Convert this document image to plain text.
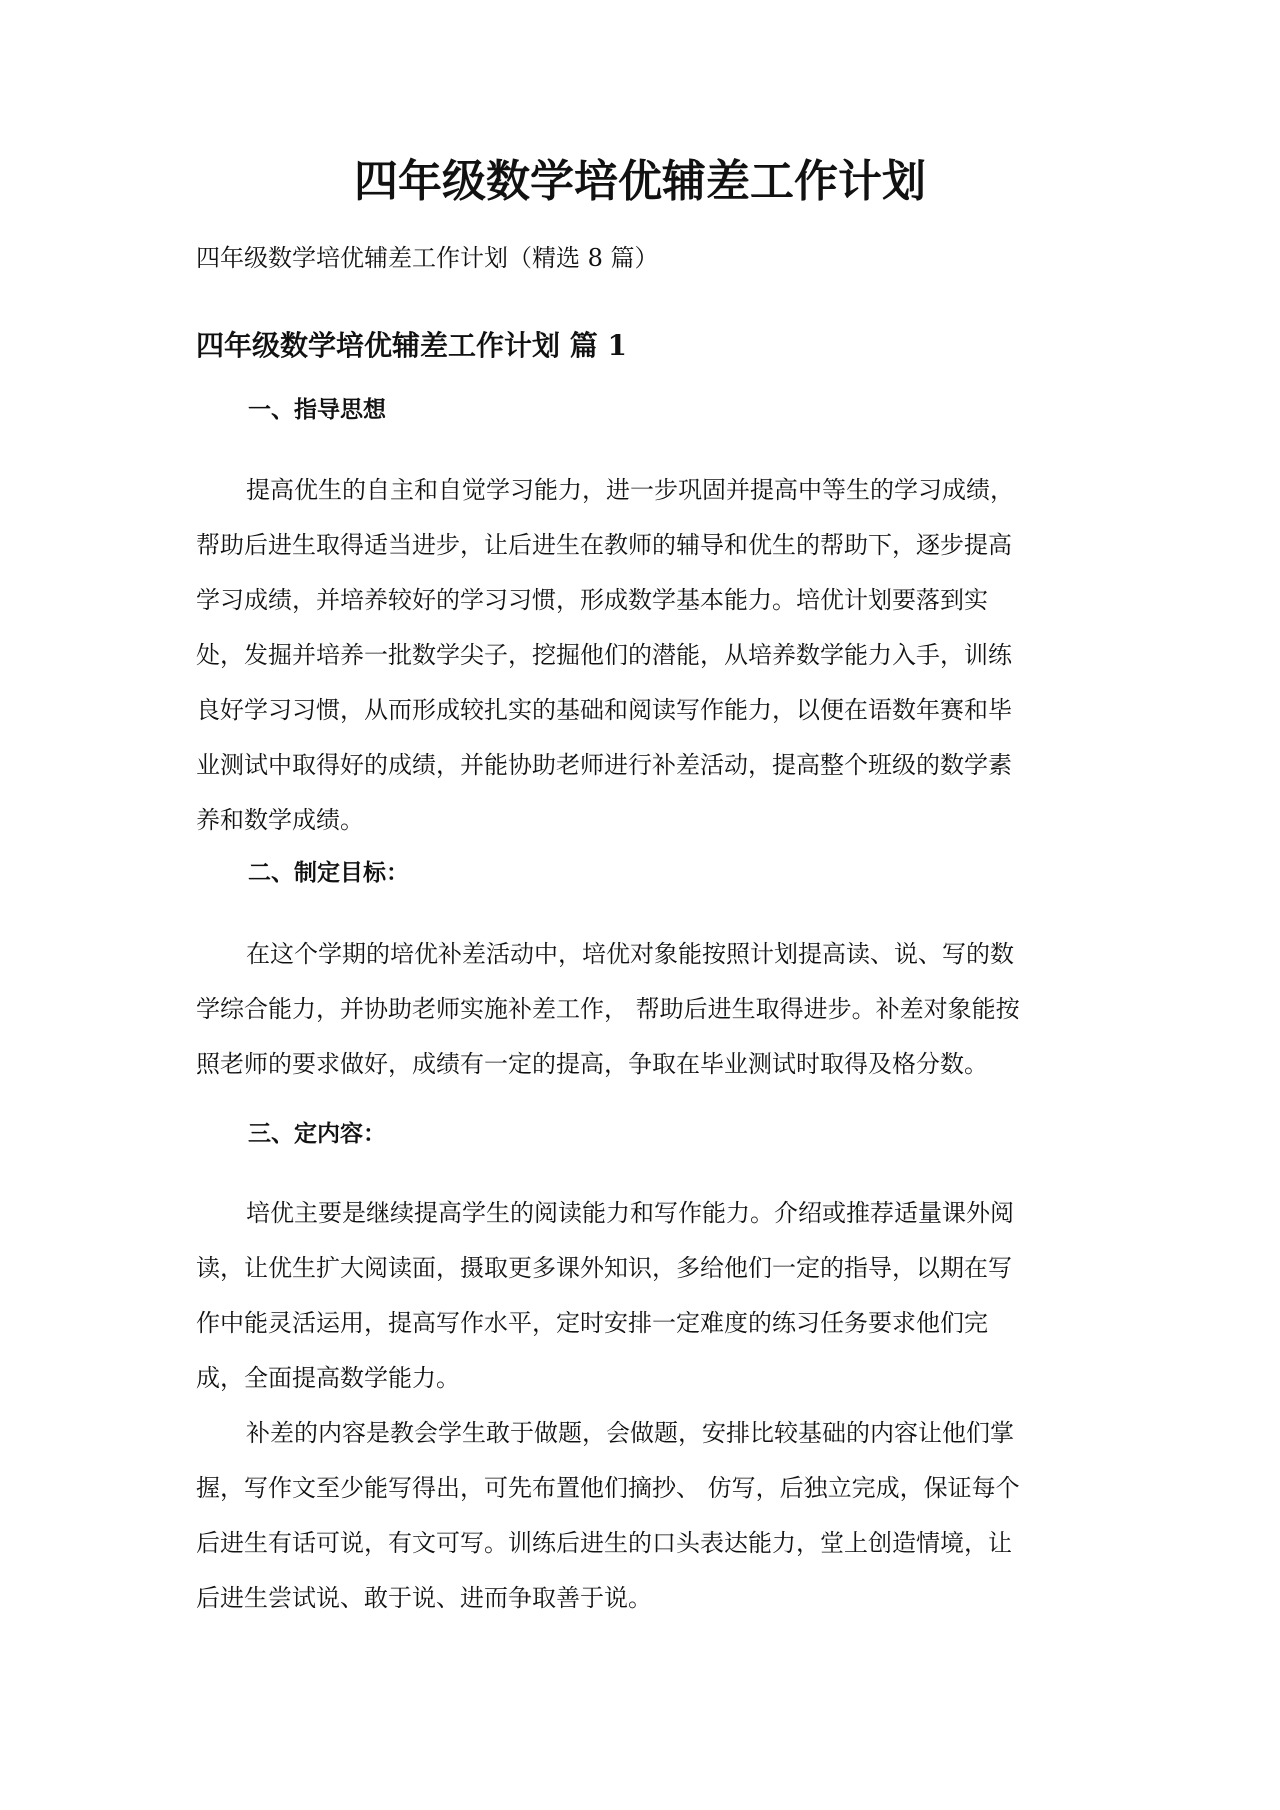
四年级数学培优辅差工作计划

四年级数学培优辅差工作计划（精选 8 篇）

四年级数学培优辅差工作计划 篇 1
一、指导思想
提高优生的自主和自觉学习能力，进一步巩固并提高中等生的学习成绩，
帮助后进生取得适当进步，让后进生在教师的辅导和优生的帮助下，逐步提高
学习成绩，并培养较好的学习习惯，形成数学基本能力。培优计划要落到实
处，发掘并培养一批数学尖子，挖掘他们的潜能，从培养数学能力入手，训练
良好学习习惯，从而形成较扎实的基础和阅读写作能力，以便在语数年赛和毕
业测试中取得好的成绩，并能协助老师进行补差活动，提高整个班级的数学素
养和数学成绩。
二、制定目标：
在这个学期的培优补差活动中，培优对象能按照计划提高读、说、写的数
学综合能力，并协助老师实施补差工作， 帮助后进生取得进步。补差对象能按
照老师的要求做好，成绩有一定的提高，争取在毕业测试时取得及格分数。
三、定内容：
培优主要是继续提高学生的阅读能力和写作能力。介绍或推荐适量课外阅
读，让优生扩大阅读面，摄取更多课外知识，多给他们一定的指导，以期在写
作中能灵活运用，提高写作水平，定时安排一定难度的练习任务要求他们完
成，全面提高数学能力。
补差的内容是教会学生敢于做题，会做题，安排比较基础的内容让他们掌
握，写作文至少能写得出，可先布置他们摘抄、 仿写，后独立完成，保证每个
后进生有话可说，有文可写。训练后进生的口头表达能力，堂上创造情境，让
后进生尝试说、敢于说、进而争取善于说。
